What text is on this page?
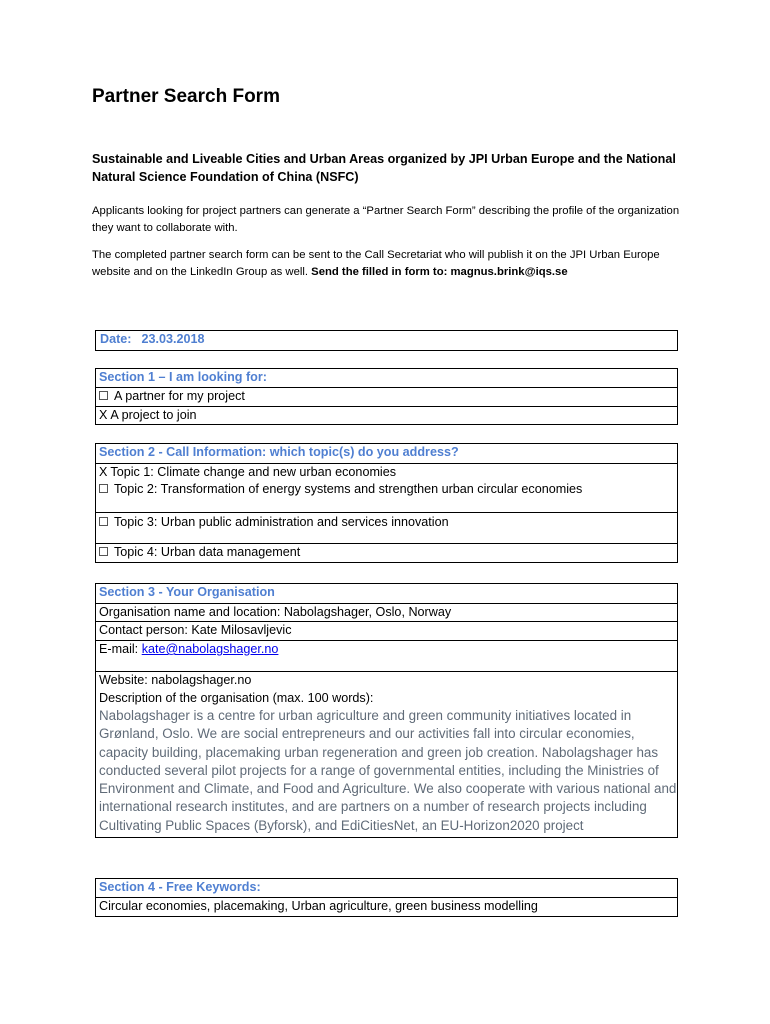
Partner Search Form

Sustainable and Liveable Cities and Urban Areas organized by JPI Urban Europe and the National Natural Science Foundation of China (NSFC)

Applicants looking for project partners can generate a “Partner Search Form” describing the profile of the organization they want to collaborate with.

The completed partner search form can be sent to the Call Secretariat who will publish it on the JPI Urban Europe website and on the LinkedIn Group as well. Send the filled in form to: magnus.brink@iqs.se

Date: 23.03.2018
Section 1 – I am looking for:
A partner for my project
X A project to join
Section 2 - Call Information: which topic(s) do you address?
X Topic 1: Climate change and new urban economies
Topic 2: Transformation of energy systems and strengthen urban circular economies
Topic 3: Urban public administration and services innovation
Topic 4: Urban data management
Section 3 - Your Organisation
Organisation name and location: Nabolagshager, Oslo, Norway
Contact person: Kate Milosavljevic
E-mail: kate@nabolagshager.no
Website: nabolagshager.no
Description of the organisation (max. 100 words):
Nabolagshager is a centre for urban agriculture and green community initiatives located in Grønland, Oslo. We are social entrepreneurs and our activities fall into circular economies, capacity building, placemaking urban regeneration and green job creation. Nabolagshager has conducted several pilot projects for a range of governmental entities, including the Ministries of Environment and Climate, and Food and Agriculture. We also cooperate with various national and international research institutes, and are partners on a number of research projects including Cultivating Public Spaces (Byforsk), and EdiCitiesNet, an EU-Horizon2020 project
Section 4 - Free Keywords:
Circular economies, placemaking, Urban agriculture, green business modelling
